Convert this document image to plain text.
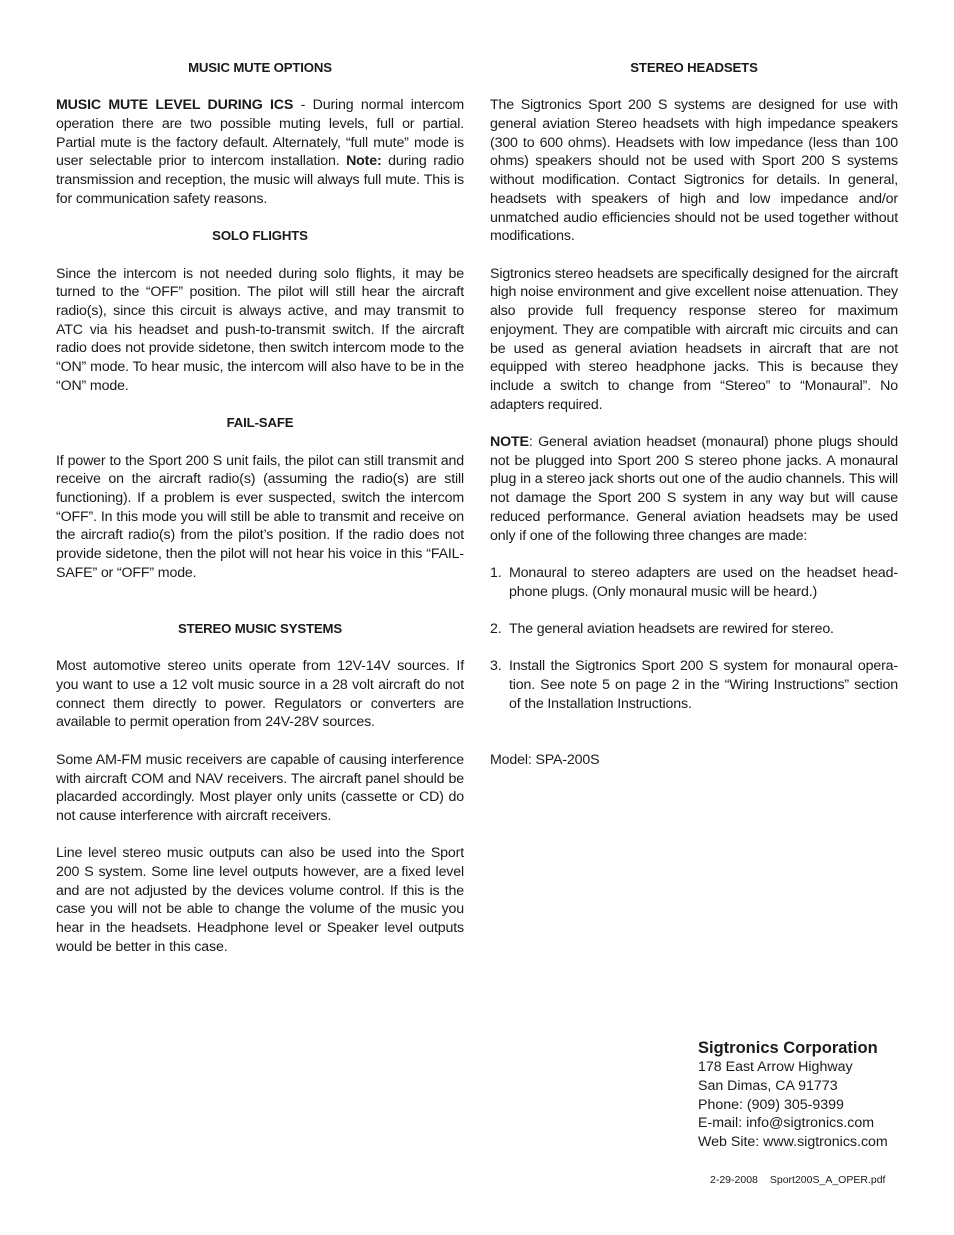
MUSIC MUTE OPTIONS

MUSIC MUTE LEVEL DURING ICS - During normal intercom operation there are two possible muting levels, full or partial. Partial mute is the factory default. Alternately, “full mute” mode is user selectable prior to intercom installation. Note: during radio transmission and reception, the music will always full mute. This is for communication safety reasons.

SOLO FLIGHTS

Since the intercom is not needed during solo flights, it may be turned to the “OFF” position. The pilot will still hear the aircraft radio(s), since this circuit is always active, and may transmit to ATC via his headset and push-to-transmit switch. If the aircraft radio does not provide sidetone, then switch intercom mode to the “ON” mode. To hear music, the intercom will also have to be in the “ON” mode.

FAIL-SAFE

If power to the Sport 200 S unit fails, the pilot can still transmit and receive on the aircraft radio(s) (assuming the radio(s) are still functioning). If a problem is ever suspected, switch the intercom “OFF”. In this mode you will still be able to transmit and receive on the aircraft radio(s) from the pilot’s position. If the radio does not provide sidetone, then the pilot will not hear his voice in this “FAIL-SAFE” or “OFF” mode.

STEREO MUSIC SYSTEMS

Most automotive stereo units operate from 12V-14V sources. If you want to use a 12 volt music source in a 28 volt aircraft do not connect them directly to power. Regulators or converters are available to permit operation from 24V-28V sources.

Some AM-FM music receivers are capable of causing interference with aircraft COM and NAV receivers. The aircraft panel should be placarded accordingly. Most player only units (cassette or CD) do not cause interference with aircraft receivers.

Line level stereo music outputs can also be used into the Sport 200 S system. Some line level outputs however, are a fixed level and are not adjusted by the devices volume control. If this is the case you will not be able to change the volume of the music you hear in the headsets. Headphone level or Speaker level outputs would be better in this case.

STEREO HEADSETS

The Sigtronics Sport 200 S systems are designed for use with general aviation Stereo headsets with high impedance speakers (300 to 600 ohms). Headsets with low impedance (less than 100 ohms) speakers should not be used with Sport 200 S systems without modification. Contact Sigtronics for details. In general, headsets with speakers of high and low impedance and/or unmatched audio efficiencies should not be used together without modifications.

Sigtronics stereo headsets are specifically designed for the aircraft high noise environment and give excellent noise attenuation. They also provide full frequency response stereo for maximum enjoyment. They are compatible with aircraft mic circuits and can be used as general aviation headsets in aircraft that are not equipped with stereo headphone jacks. This is because they include a switch to change from “Stereo” to “Monaural”. No adapters required.

NOTE: General aviation headset (monaural) phone plugs should not be plugged into Sport 200 S stereo phone jacks. A monaural plug in a stereo jack shorts out one of the audio channels. This will not damage the Sport 200 S system in any way but will cause reduced performance. General aviation headsets may be used only if one of the following three changes are made:

1. Monaural to stereo adapters are used on the headset head-phone plugs. (Only monaural music will be heard.)
2. The general aviation headsets are rewired for stereo.
3. Install the Sigtronics Sport 200 S system for monaural opera-tion. See note 5 on page 2 in the “Wiring Instructions” section of the Installation Instructions.

Model: SPA-200S

Sigtronics Corporation
178 East Arrow Highway
San Dimas, CA 91773
Phone: (909) 305-9399
E-mail: info@sigtronics.com
Web Site: www.sigtronics.com
2-29-2008 Sport200S_A_OPER.pdf
